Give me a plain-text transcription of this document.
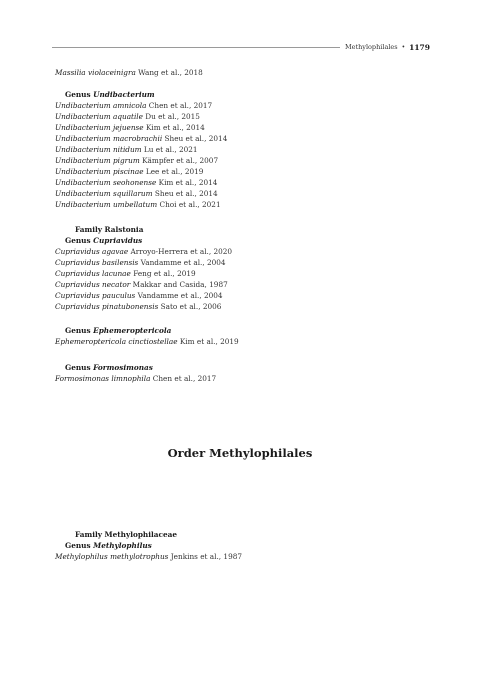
Methylophilales • 1179
Massilia violaceinigra Wang et al., 2018
Genus Undibacterium
Undibacterium amnicola Chen et al., 2017
Undibacterium aquatile Du et al., 2015
Undibacterium jejuense Kim et al., 2014
Undibacterium macrobrachii Sheu et al., 2014
Undibacterium nitidum Lu et al., 2021
Undibacterium pigrum Kämpfer et al., 2007
Undibacterium piscinae Lee et al., 2019
Undibacterium seohonense Kim et al., 2014
Undibacterium squillarum Sheu et al., 2014
Undibacterium umbellatum Choi et al., 2021
Family Ralstonia
Genus Cupriavidus
Cupriavidus agavae Arroyo-Herrera et al., 2020
Cupriavidus basilensis Vandamme et al., 2004
Cupriavidus lacunae Feng et al., 2019
Cupriavidus necator Makkar and Casida, 1987
Cupriavidus pauculus Vandamme et al., 2004
Cupriavidus pinatubonensis Sato et al., 2006
Genus Ephemeroptericola
Ephemeroptericola cinctiostellae Kim et al., 2019
Genus Formosimonas
Formosimonas limnophila Chen et al., 2017
Order Methylophilales
Family Methylophilaceae
Genus Methylophilus
Methylophilus methylotrophus Jenkins et al., 1987
